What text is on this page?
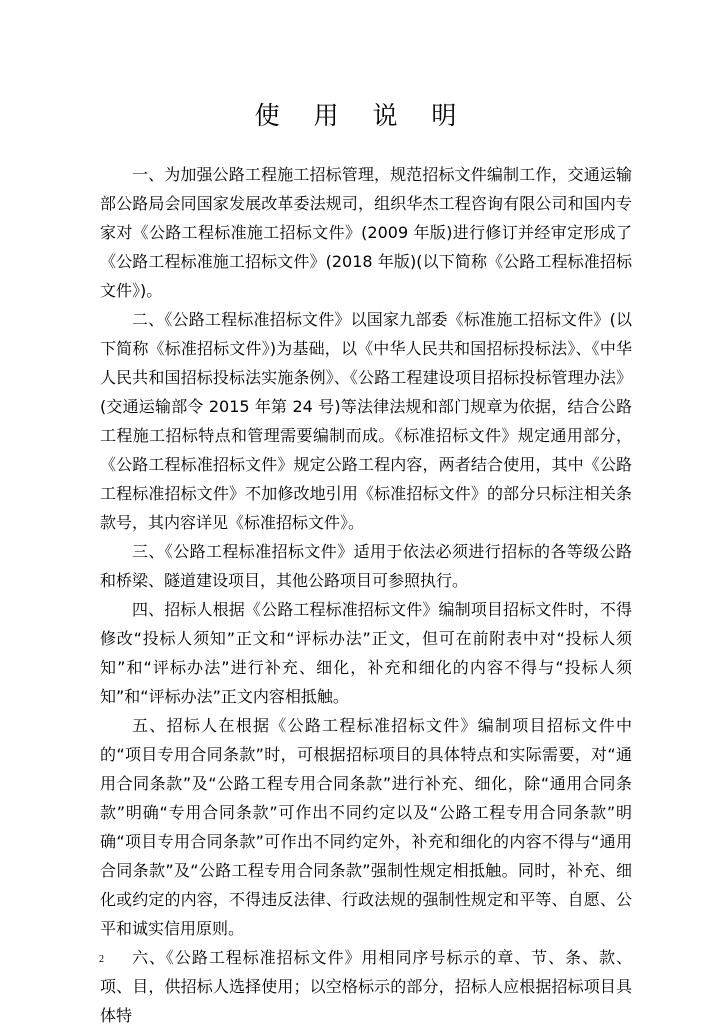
使 用 说 明

一、为加强公路工程施工招标管理，规范招标文件编制工作，交通运输部公路局会同国家发展改革委法规司，组织华杰工程咨询有限公司和国内专家对《公路工程标准施工招标文件》(2009 年版)进行修订并经审定形成了《公路工程标准施工招标文件》(2018 年版)(以下简称《公路工程标准招标文件》)。

二、《公路工程标准招标文件》以国家九部委《标准施工招标文件》(以下简称《标准招标文件》)为基础，以《中华人民共和国招标投标法》、《中华人民共和国招标投标法实施条例》、《公路工程建设项目招标投标管理办法》(交通运输部令 2015 年第 24 号)等法律法规和部门规章为依据，结合公路工程施工招标特点和管理需要编制而成。《标准招标文件》规定通用部分，《公路工程标准招标文件》规定公路工程内容，两者结合使用，其中《公路工程标准招标文件》不加修改地引用《标准招标文件》的部分只标注相关条款号，其内容详见《标准招标文件》。

三、《公路工程标准招标文件》适用于依法必须进行招标的各等级公路和桥梁、隧道建设项目，其他公路项目可参照执行。

四、招标人根据《公路工程标准招标文件》编制项目招标文件时，不得修改“投标人须知”正文和“评标办法”正文，但可在前附表中对“投标人须知”和“评标办法”进行补充、细化，补充和细化的内容不得与“投标人须知”和“评标办法”正文内容相抵触。

五、招标人在根据《公路工程标准招标文件》编制项目招标文件中的“项目专用合同条款”时，可根据招标项目的具体特点和实际需要，对“通用合同条款”及“公路工程专用合同条款”进行补充、细化，除“通用合同条款”明确“专用合同条款”可作出不同约定以及“公路工程专用合同条款”明确“项目专用合同条款”可作出不同约定外，补充和细化的内容不得与“通用合同条款”及“公路工程专用合同条款”强制性规定相抵触。同时，补充、细化或约定的内容，不得违反法律、行政法规的强制性规定和平等、自愿、公平和诚实信用原则。

六、《公路工程标准招标文件》用相同序号标示的章、节、条、款、项、目，供招标人选择使用；以空格标示的部分，招标人应根据招标项目具体特

2
